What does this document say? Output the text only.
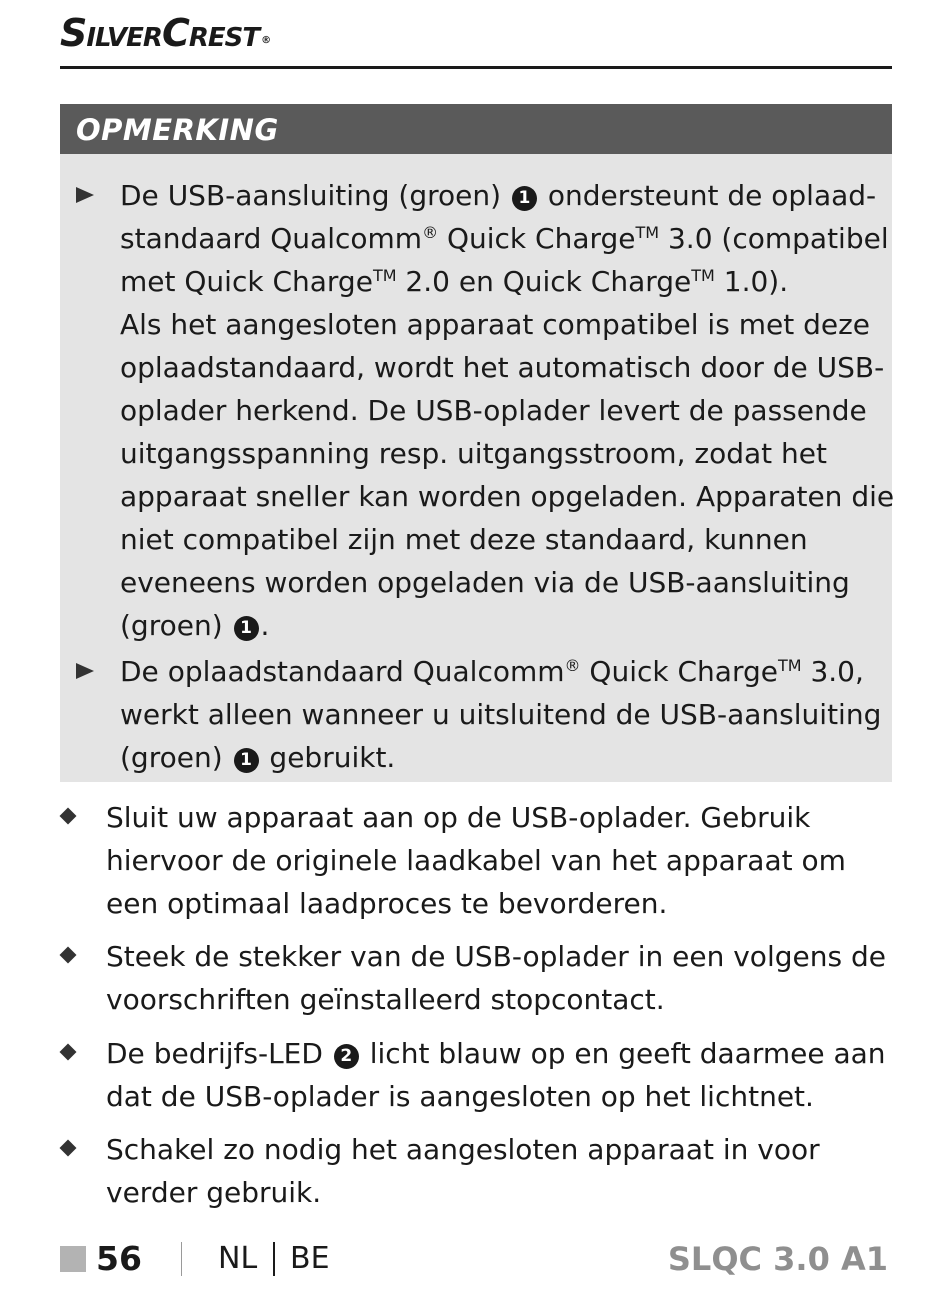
SILVERCREST ®
OPMERKING
De USB-aansluiting (groen) 1 ondersteunt de oplaad-standaard Qualcomm® Quick Charge™ 3.0 (compatibel met Quick Charge™ 2.0 en Quick Charge™ 1.0).
Als het aangesloten apparaat compatibel is met deze oplaadstandaard, wordt het automatisch door de USB-oplader herkend. De USB-oplader levert de passende uitgangsspanning resp. uitgangsstroom, zodat het apparaat sneller kan worden opgeladen. Apparaten die niet compatibel zijn met deze standaard, kunnen eveneens worden opgeladen via de USB-aansluiting (groen) 1 .
De oplaadstandaard Qualcomm® Quick Charge™ 3.0, werkt alleen wanneer u uitsluitend de USB-aansluiting (groen) 1 gebruikt.
Sluit uw apparaat aan op de USB-oplader. Gebruik hiervoor de originele laadkabel van het apparaat om een optimaal laadproces te bevorderen.
Steek de stekker van de USB-oplader in een volgens de voorschriften geïnstalleerd stopcontact.
De bedrijfs-LED 2 licht blauw op en geeft daarmee aan dat de USB-oplader is aangesloten op het lichtnet.
Schakel zo nodig het aangesloten apparaat in voor verder gebruik.
56	NL BE	SLQC 3.0 A1
